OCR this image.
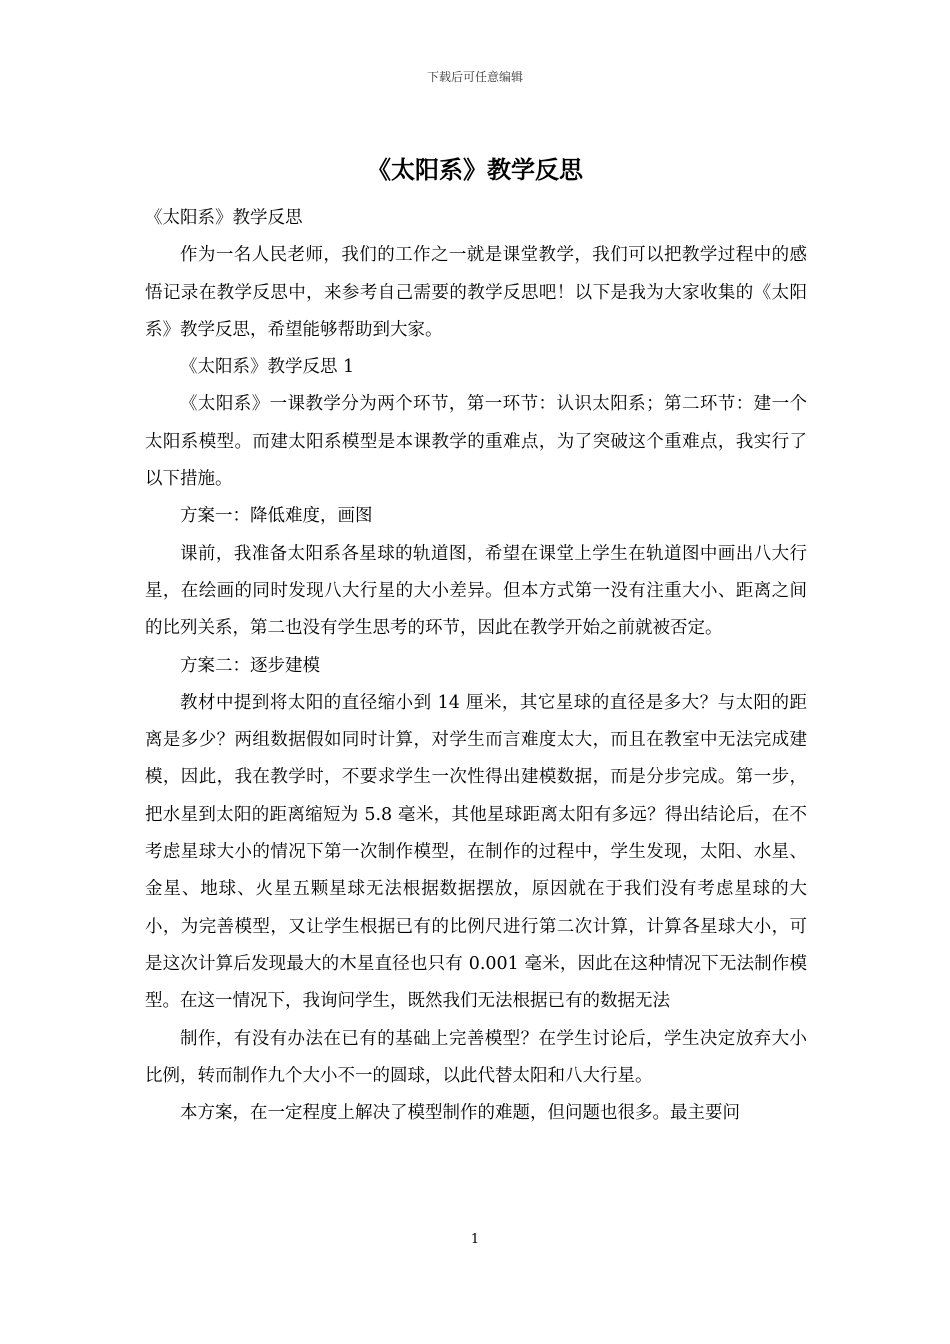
下载后可任意编辑
《太阳系》教学反思

《太阳系》教学反思

作为一名人民老师，我们的工作之一就是课堂教学，我们可以把教学过程中的感悟记录在教学反思中，来参考自己需要的教学反思吧！以下是我为大家收集的《太阳系》教学反思，希望能够帮助到大家。

《太阳系》教学反思 1

《太阳系》一课教学分为两个环节，第一环节：认识太阳系；第二环节：建一个太阳系模型。而建太阳系模型是本课教学的重难点，为了突破这个重难点，我实行了以下措施。

方案一：降低难度，画图

课前，我准备太阳系各星球的轨道图，希望在课堂上学生在轨道图中画出八大行星，在绘画的同时发现八大行星的大小差异。但本方式第一没有注重大小、距离之间的比列关系，第二也没有学生思考的环节，因此在教学开始之前就被否定。

方案二：逐步建模

教材中提到将太阳的直径缩小到 14 厘米，其它星球的直径是多大？与太阳的距离是多少？两组数据假如同时计算，对学生而言难度太大，而且在教室中无法完成建模，因此，我在教学时，不要求学生一次性得出建模数据，而是分步完成。第一步，把水星到太阳的距离缩短为 5.8 毫米，其他星球距离太阳有多远？得出结论后，在不考虑星球大小的情况下第一次制作模型，在制作的过程中，学生发现，太阳、水星、金星、地球、火星五颗星球无法根据数据摆放，原因就在于我们没有考虑星球的大小，为完善模型，又让学生根据已有的比例尺进行第二次计算，计算各星球大小，可是这次计算后发现最大的木星直径也只有 0.001 毫米，因此在这种情况下无法制作模型。在这一情况下，我询问学生，既然我们无法根据已有的数据无法

制作，有没有办法在已有的基础上完善模型？在学生讨论后，学生决定放弃大小比例，转而制作九个大小不一的圆球，以此代替太阳和八大行星。

本方案，在一定程度上解决了模型制作的难题，但问题也很多。最主要问

1
